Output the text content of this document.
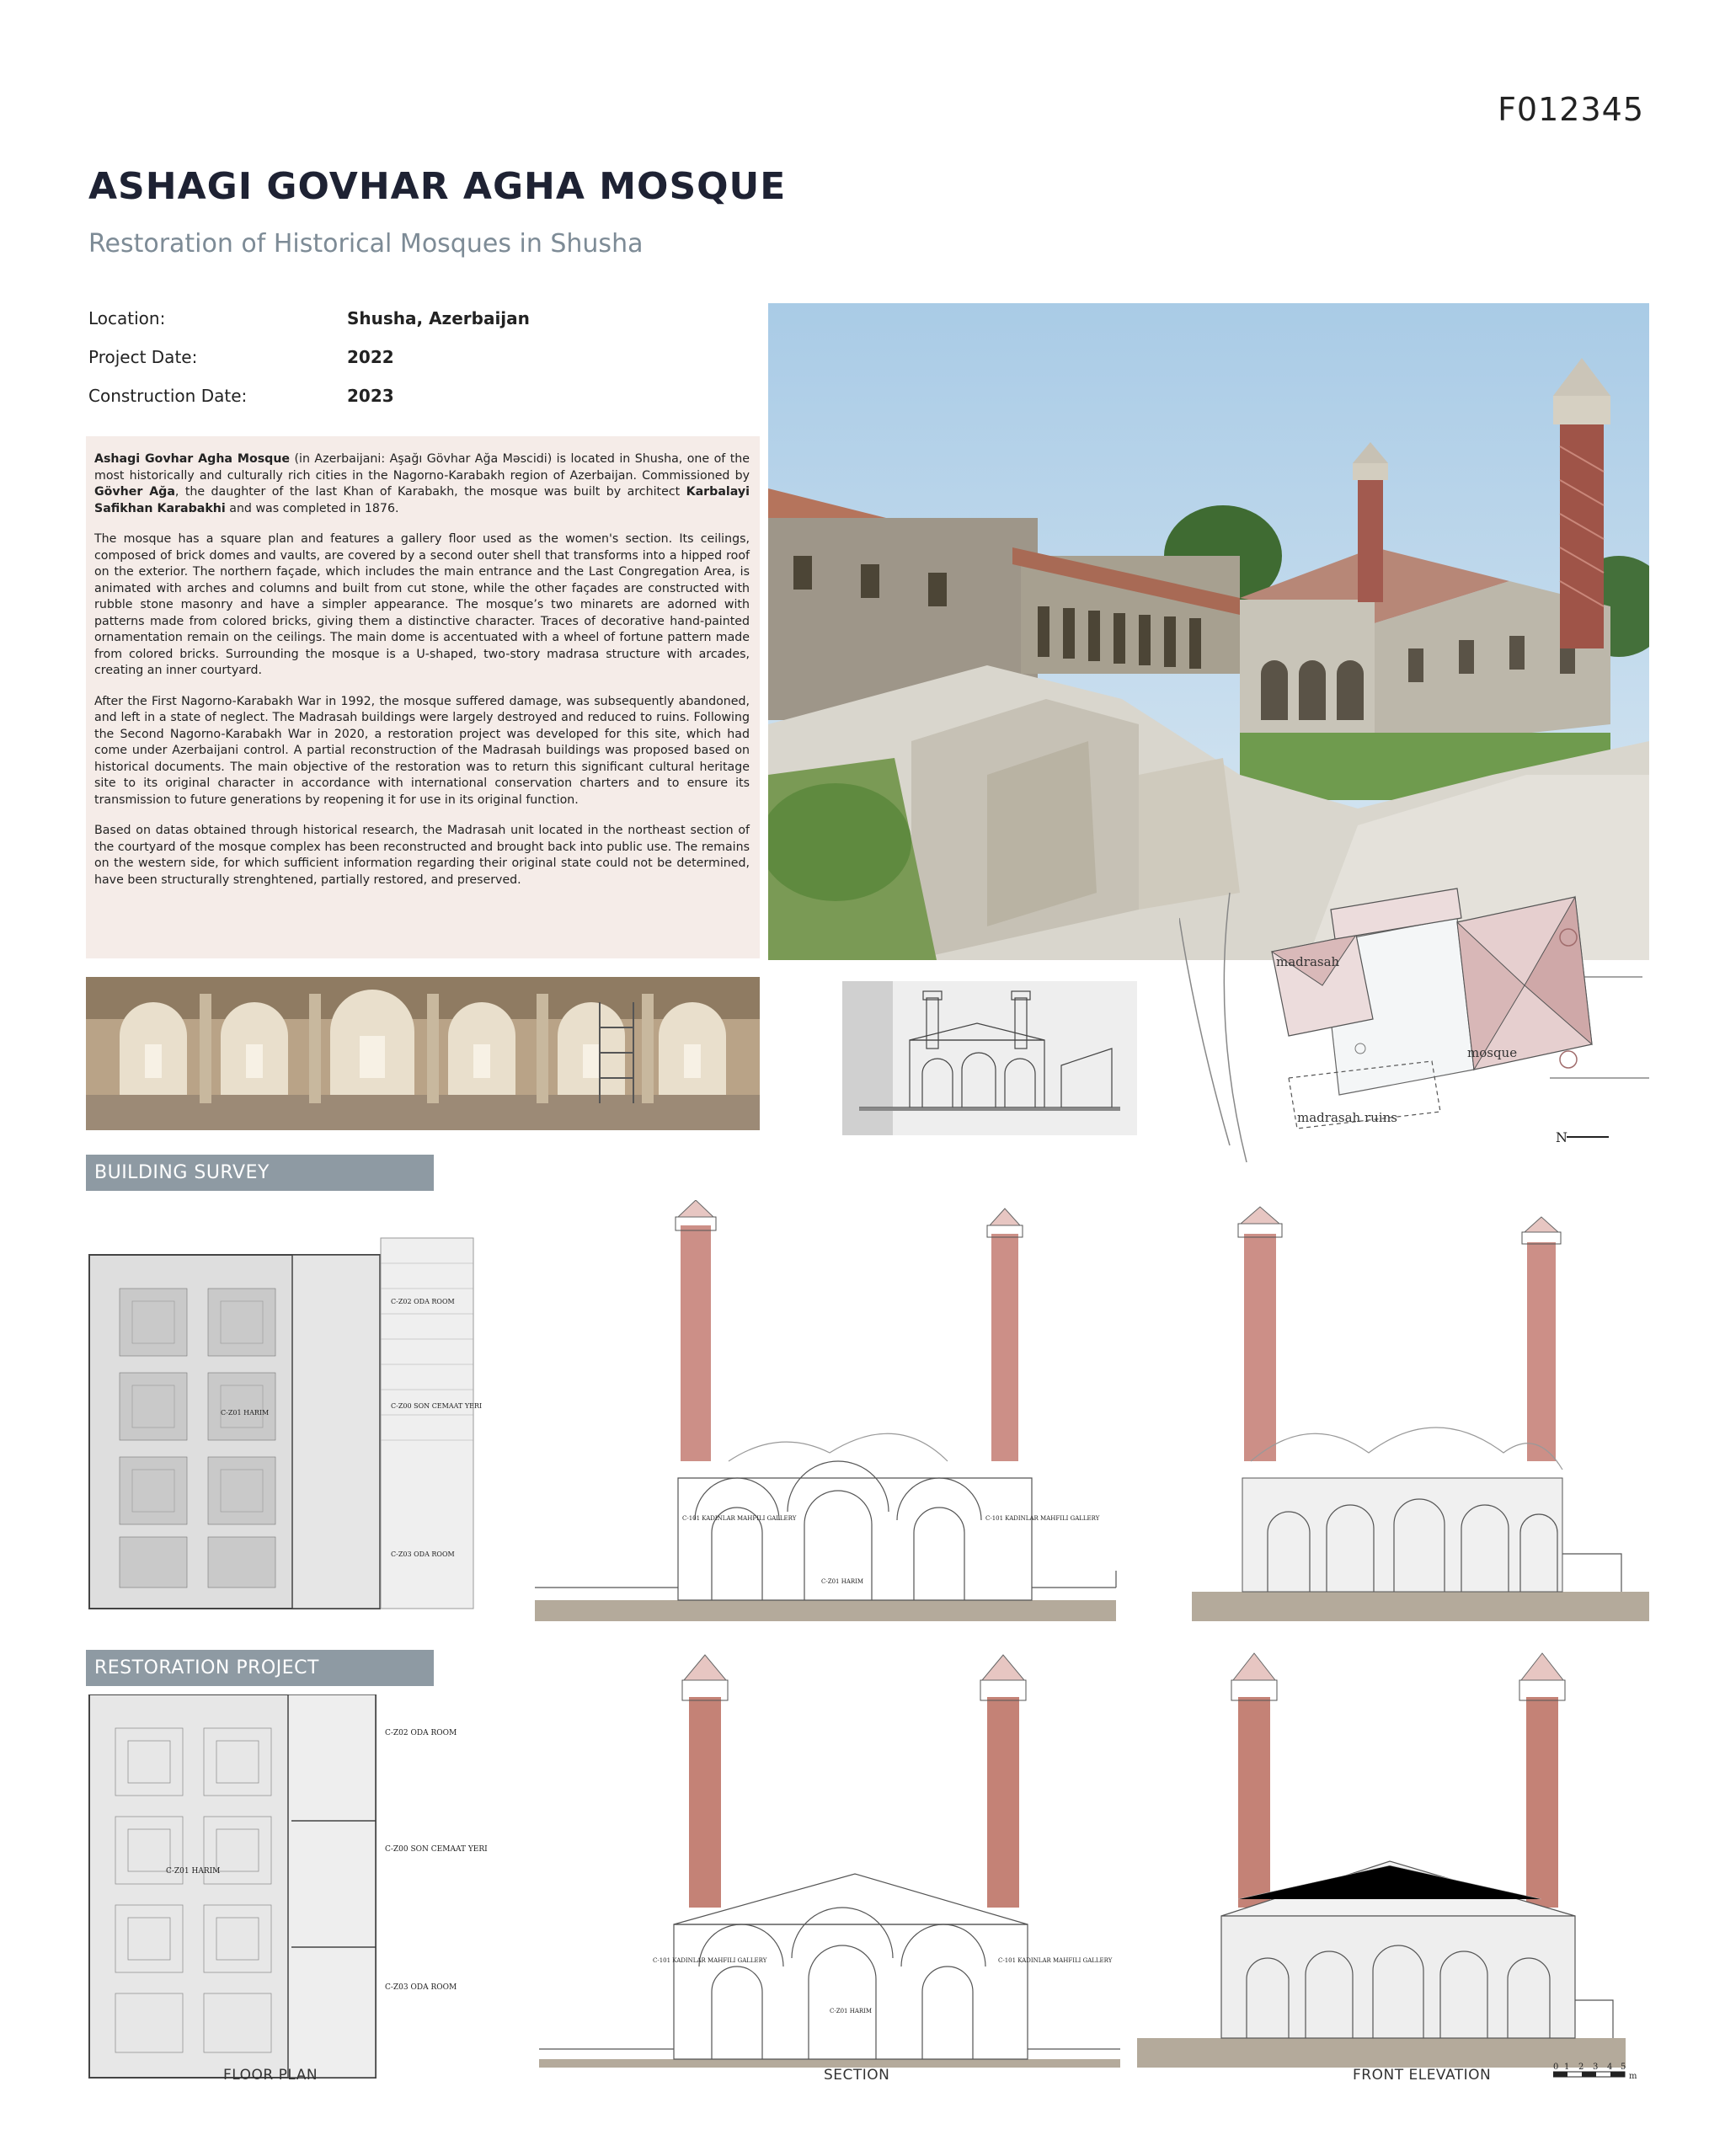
F012345
ASHAGI GOVHAR AGHA MOSQUE
Restoration of Historical Mosques in Shusha
Location:	Shusha, Azerbaijan
Project Date:	2022
Construction Date:	2023

Ashagi Govhar Agha Mosque (in Azerbaijani: Aşağı Gövhar Ağa Məscidi) is located in Shusha, one of the most historically and culturally rich cities in the Nagorno-Karabakh region of Azerbaijan. Commissioned by Gövher Ağa, the daughter of the last Khan of Karabakh, the mosque was built by architect Karbalayi Safikhan Karabakhi and was completed in 1876.

The mosque has a square plan and features a gallery floor used as the women's section. Its ceilings, composed of brick domes and vaults, are covered by a second outer shell that transforms into a hipped roof on the exterior. The northern façade, which includes the main entrance and the Last Congregation Area, is animated with arches and columns and built from cut stone, while the other façades are constructed with rubble stone masonry and have a simpler appearance. The mosque’s two minarets are adorned with patterns made from colored bricks, giving them a distinctive character. Traces of decorative hand-painted ornamentation remain on the ceilings. The main dome is accentuated with a wheel of fortune pattern made from colored bricks. Surrounding the mosque is a U-shaped, two-story madrasa structure with arcades, creating an inner courtyard.

After the First Nagorno-Karabakh War in 1992, the mosque suffered damage, was subsequently abandoned, and left in a state of neglect. The Madrasah buildings were largely destroyed and reduced to ruins. Following the Second Nagorno-Karabakh War in 2020, a restoration project was developed for this site, which had come under Azerbaijani control. A partial reconstruction of the Madrasah buildings was proposed based on historical documents. The main objective of the restoration was to return this significant cultural heritage site to its original character in accordance with international conservation charters and to ensure its transmission to future generations by reopening it for use in its original function.

Based on datas obtained through historical research, the Madrasah unit located in the northeast section of the courtyard of the mosque complex has been reconstructed and brought back into public use. The remains on the western side, for which sufficient information regarding their original state could not be determined, have been structurally strenghtened, partially restored, and preserved.

madrasah
mosque
madrasah ruins
N
BUILDING SURVEY
RESTORATION PROJECT
C-Z02 ODA ROOM
C-Z01 HARIM
C-Z00 SON CEMAAT YERI
C-Z03 ODA ROOM
C-101 KADINLAR MAHFILI GALLERY	C-101 KADINLAR MAHFILI GALLERY
C-Z01 HARIM
C-Z02 ODA ROOM
C-Z01 HARIM
C-Z00 SON CEMAAT YERI
C-Z03 ODA ROOM
C-101 KADINLAR MAHFILI GALLERY	C-101 KADINLAR MAHFILI GALLERY
C-Z01 HARIM
FLOOR PLAN	SECTION	FRONT ELEVATION	0 1 2 3 4 5
m
